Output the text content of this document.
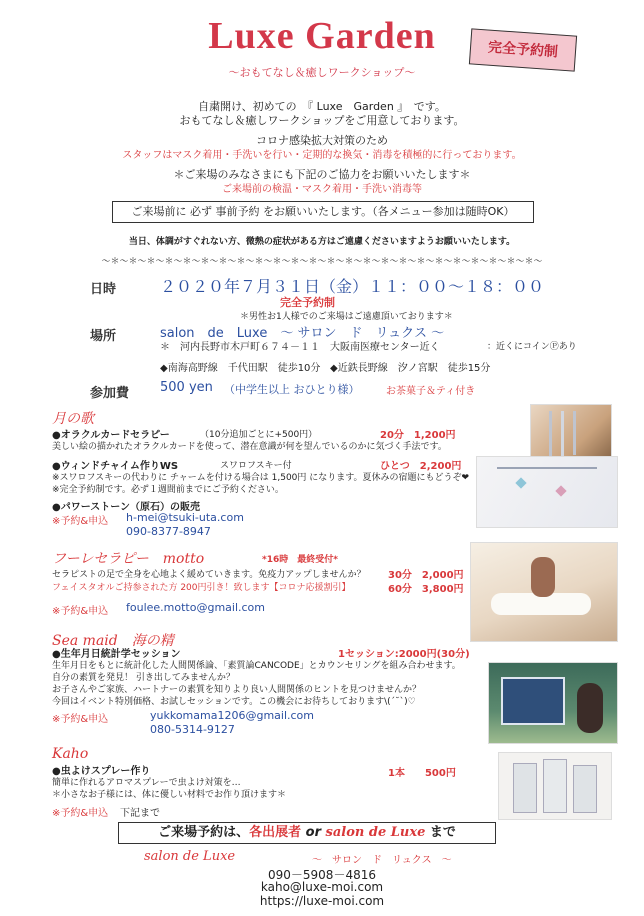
Luxe Garden
～おもてなし＆癒しワークショップ～
完全予約制
自粛開け、初めての　『 Luxe　Garden 』　です。
おもてなし＆癒しワークショップをご用意しております。
コロナ感染拡大対策のため
スタッフはマスク着用・手洗いを行い・定期的な換気・消毒を積極的に行っております。
＊ご来場のみなさまにも下記のご協力をお願いいたします＊
ご来場前の検温・マスク着用・手洗い消毒等
ご来場前に 必ず 事前予約 をお願いいたします。（各メニュー参加は随時OK）
当日、体調がすぐれない方、微熱の症状がある方はご遠慮くださいますようお願いいたします。
～＊～＊～＊～＊～＊～＊～＊～＊～＊～＊～＊～＊～＊～＊～＊～＊～＊～＊～＊～＊～＊～＊～＊～＊～
日時	２０２０年７月３１日（金）１１：００～１８：００
完全予約制
＊男性お1人様でのご来場はご遠慮頂いております＊
場所	salon　de　Luxe　～ サロン　ド　リュクス ～
＊　河内長野市木戸町６７４－１１　大阪南医療センター近く	：近くにコインⓅあり
◆南海高野線　千代田駅　徒歩10分 ◆近鉄長野線　汐ノ宮駅　徒歩15分
参加費 500 yen （中学生以上 おひとり様）	お茶菓子＆ティ付き
月の歌
●オラクルカードセラピー	（10分追加ごとに+500円）	20分　1,200円
美しい絵の描かれたオラクルカードを使って、潜在意識が何を望んでいるのかに気づく手法です。
●ウィンドチャイム作りWS	スワロフスキー付	ひとつ　2,200円
※スワロフスキーの代わりに チャームを付ける場合は 1,500円 になります。夏休みの宿題にもどうぞ❤
※完全予約制です。必ず１週間前までにご予約ください。
●パワーストーン（原石）の販売
※予約&申込 h-mei@tsuki-uta.com
090-8377-8947
フーレセラピー　motto	*16時　最終受付*
セラピストの足で全身を心地よく緩めていきます。免疫力アップしませんか？
フェイスタオルご持参された方 200円引き！致します【コロナ応援割引】
30分　2,000円
60分　3,800円
※予約&申込 foulee.motto@gmail.com
Sea maid　海の精
●生年月日統計学セッション	1セッション:2000円(30分)
生年月日をもとに統計化した人間関係論、「素質論CANCODE」とカウンセリングを組み合わせます。
自分の素質を発見！ 引き出してみませんか？
お子さんやご家族、ハートナーの素質を知りより良い人間関係のヒントを見つけませんか？
今回はイベント特別価格、お試しセッションです。この機会にお待ちしております\(´˘`)♡
※予約&申込	yukkomama1206@gmail.com
080-5314-9127
Kaho
●虫よけスプレー作り	1本　　500円
簡単に作れるアロマスプレーで虫よけ対策を…
＊小さなお子様には、体に優しい材料でお作り頂けます＊
※予約&申込 下記まで
ご来場予約は、各出展者 or salon de Luxe まで
salon de Luxe	～　サロン　ド　リュクス　～
090－5908－4816
kaho@luxe-moi.com
https://luxe-moi.com
